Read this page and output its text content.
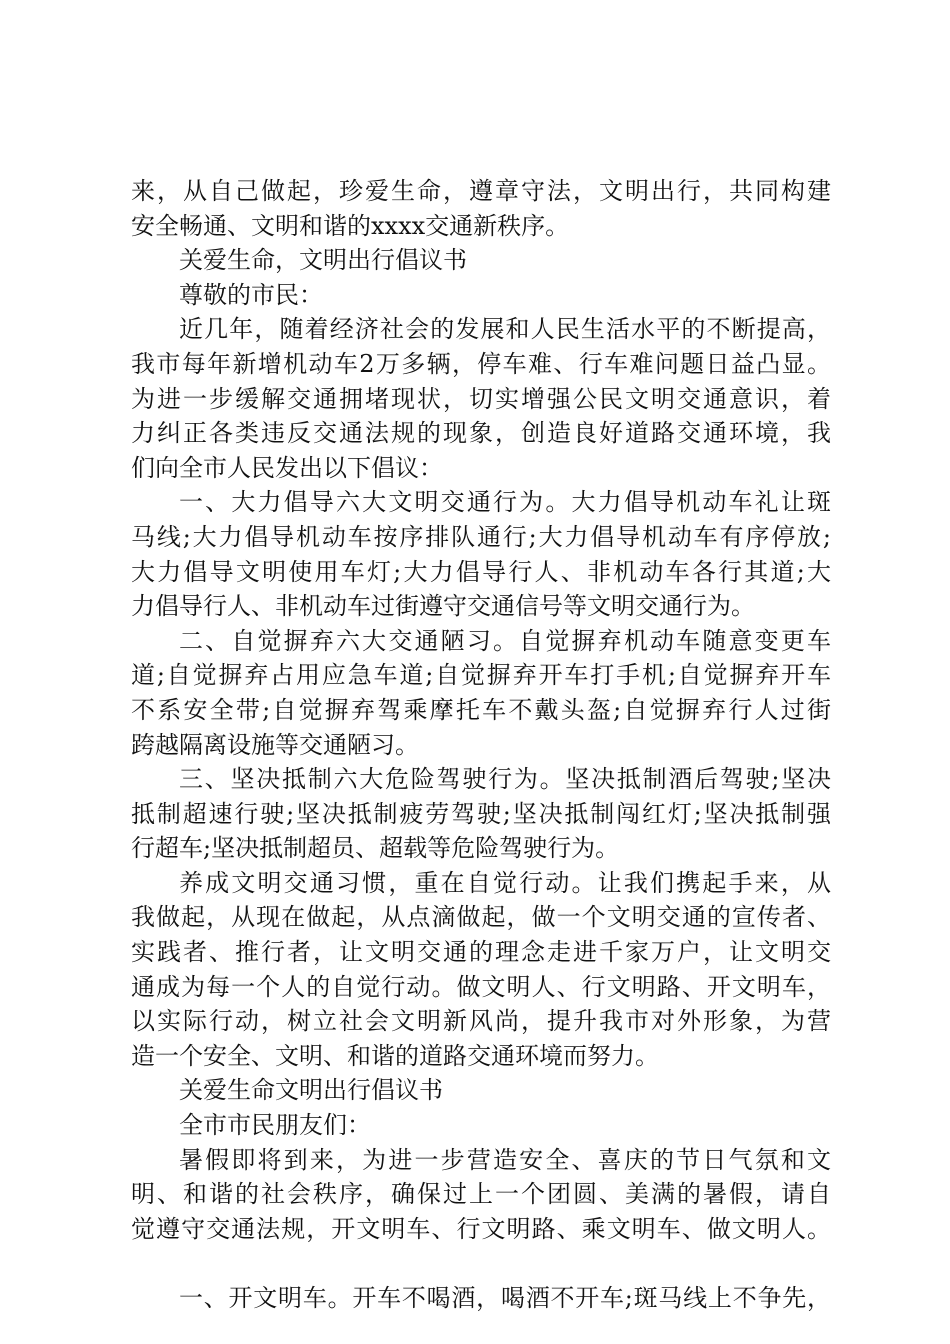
来，从自己做起，珍爱生命，遵章守法，文明出行，共同构建
安全畅通、文明和谐的xxxx交通新秩序。
关爱生命，文明出行倡议书
尊敬的市民：
近几年，随着经济社会的发展和人民生活水平的不断提高，
我市每年新增机动车2万多辆，停车难、行车难问题日益凸显。
为进一步缓解交通拥堵现状，切实增强公民文明交通意识，着
力纠正各类违反交通法规的现象，创造良好道路交通环境，我
们向全市人民发出以下倡议：
一、大力倡导六大文明交通行为。大力倡导机动车礼让斑
马线;大力倡导机动车按序排队通行;大力倡导机动车有序停放;
大力倡导文明使用车灯;大力倡导行人、非机动车各行其道;大
力倡导行人、非机动车过街遵守交通信号等文明交通行为。
二、自觉摒弃六大交通陋习。自觉摒弃机动车随意变更车
道;自觉摒弃占用应急车道;自觉摒弃开车打手机;自觉摒弃开车
不系安全带;自觉摒弃驾乘摩托车不戴头盔;自觉摒弃行人过街
跨越隔离设施等交通陋习。
三、坚决抵制六大危险驾驶行为。坚决抵制酒后驾驶;坚决
抵制超速行驶;坚决抵制疲劳驾驶;坚决抵制闯红灯;坚决抵制强
行超车;坚决抵制超员、超载等危险驾驶行为。
养成文明交通习惯，重在自觉行动。让我们携起手来，从
我做起，从现在做起，从点滴做起，做一个文明交通的宣传者、
实践者、推行者，让文明交通的理念走进千家万户，让文明交
通成为每一个人的自觉行动。做文明人、行文明路、开文明车，
以实际行动，树立社会文明新风尚，提升我市对外形象，为营
造一个安全、文明、和谐的道路交通环境而努力。
关爱生命文明出行倡议书
全市市民朋友们：
暑假即将到来，为进一步营造安全、喜庆的节日气氛和文
明、和谐的社会秩序，确保过上一个团圆、美满的暑假，请自
觉遵守交通法规，开文明车、行文明路、乘文明车、做文明人。
一、开文明车。开车不喝酒，喝酒不开车;斑马线上不争先，
